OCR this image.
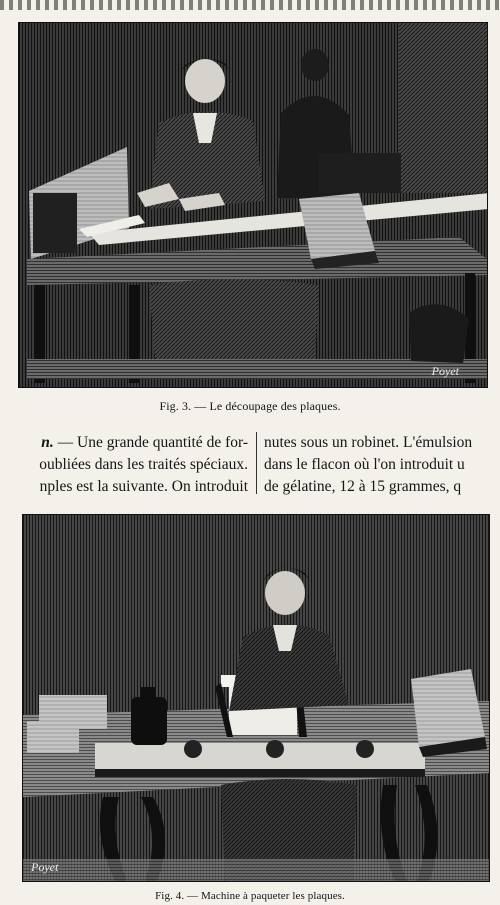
Poyet
Fig. 3. — Le découpage des plaques.
n. — Une grande quantité de for-
oubliées dans les traités spéciaux.
nples est la suivante. On introduit
nutes sous un robinet. L'émulsion
dans le flacon où l'on introduit u
de gélatine, 12 à 15 grammes, q
Poyet
Fig. 4. — Machine à paqueter les plaques.
